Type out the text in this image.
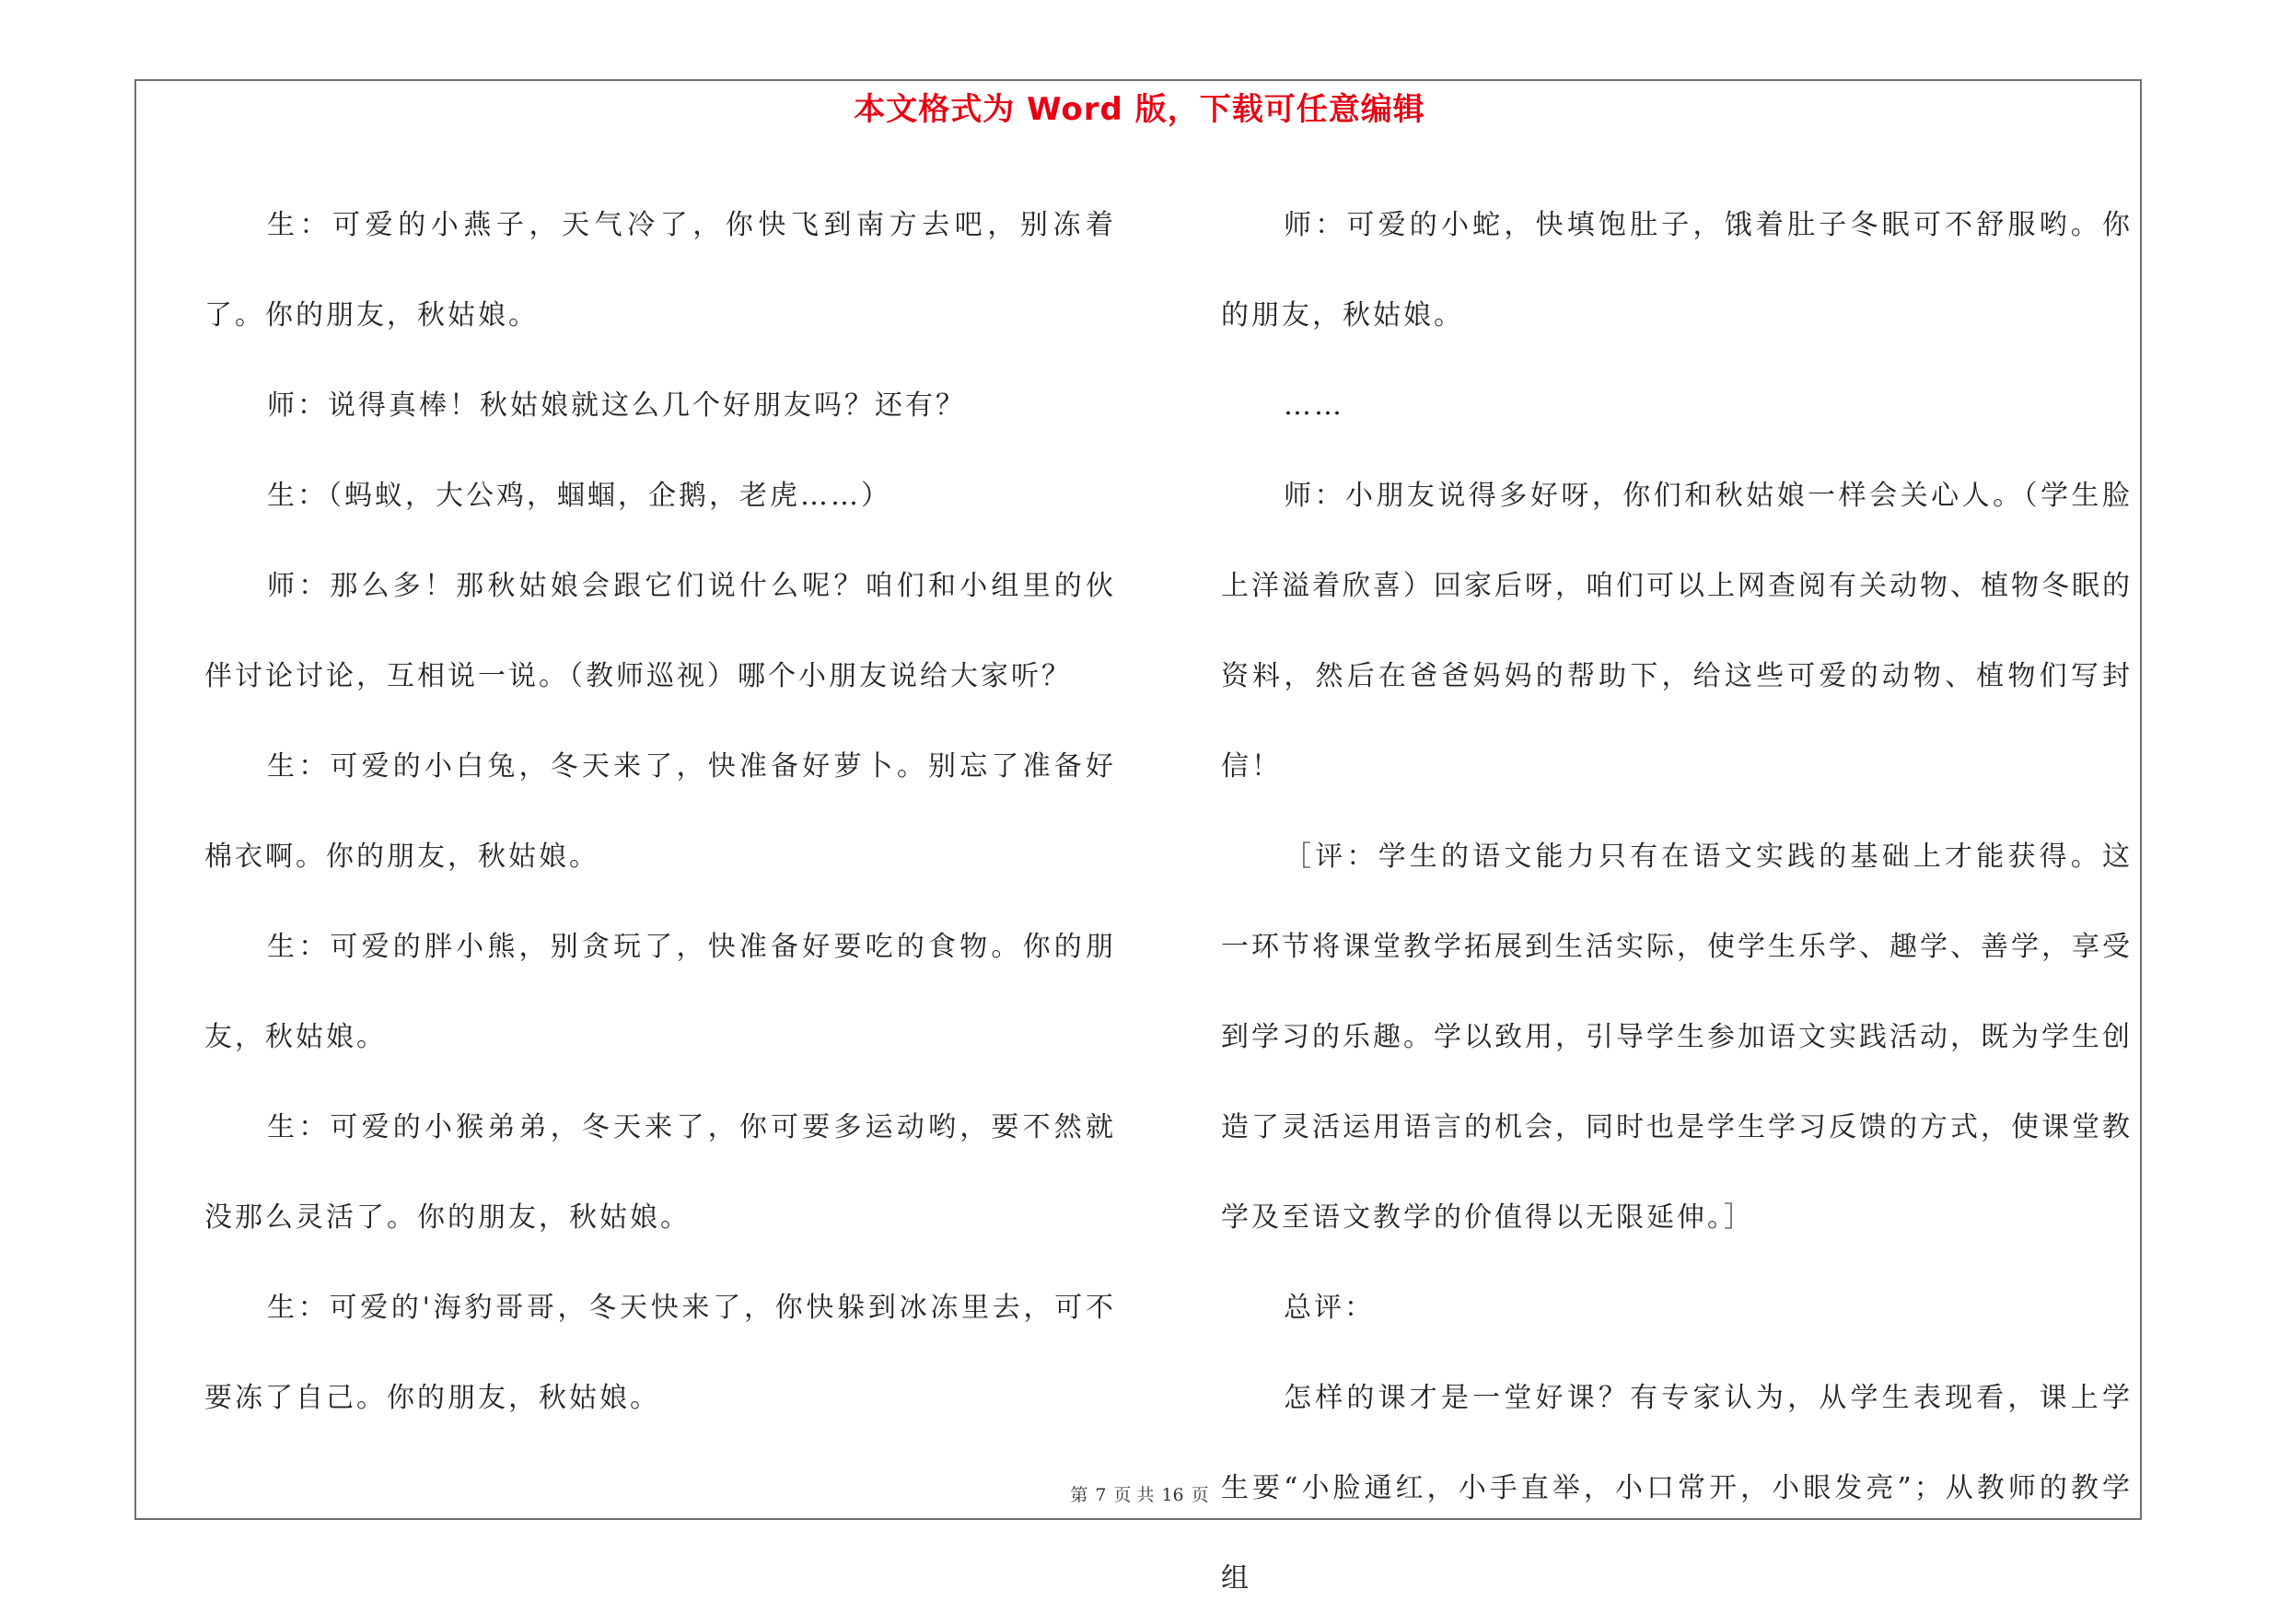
本文格式为 Word 版，下载可任意编辑

生：可爱的小燕子，天气冷了，你快飞到南方去吧，别冻着了。你的朋友，秋姑娘。

师：说得真棒！秋姑娘就这么几个好朋友吗？还有？

生：（蚂蚁，大公鸡，蝈蝈，企鹅，老虎……）

师：那么多！那秋姑娘会跟它们说什么呢？咱们和小组里的伙伴讨论讨论，互相说一说。（教师巡视）哪个小朋友说给大家听？

生：可爱的小白兔，冬天来了，快准备好萝卜。别忘了准备好棉衣啊。你的朋友，秋姑娘。

生：可爱的胖小熊，别贪玩了，快准备好要吃的食物。你的朋友，秋姑娘。

生：可爱的小猴弟弟，冬天来了，你可要多运动哟，要不然就没那么灵活了。你的朋友，秋姑娘。

生：可爱的'海豹哥哥，冬天快来了，你快躲到冰冻里去，可不要冻了自己。你的朋友，秋姑娘。

师：可爱的小蛇，快填饱肚子，饿着肚子冬眠可不舒服哟。你的朋友，秋姑娘。

……

师：小朋友说得多好呀，你们和秋姑娘一样会关心人。（学生脸上洋溢着欣喜）回家后呀，咱们可以上网查阅有关动物、植物冬眠的资料，然后在爸爸妈妈的帮助下，给这些可爱的动物、植物们写封信！

［评：学生的语文能力只有在语文实践的基础上才能获得。这一环节将课堂教学拓展到生活实际，使学生乐学、趣学、善学，享受到学习的乐趣。学以致用，引导学生参加语文实践活动，既为学生创造了灵活运用语言的机会，同时也是学生学习反馈的方式，使课堂教学及至语文教学的价值得以无限延伸。］

总评：

怎样的课才是一堂好课？有专家认为，从学生表现看，课上学生要“小脸通红，小手直举，小口常开，小眼发亮”；从教师的教学组

第 7 页 共 16 页
